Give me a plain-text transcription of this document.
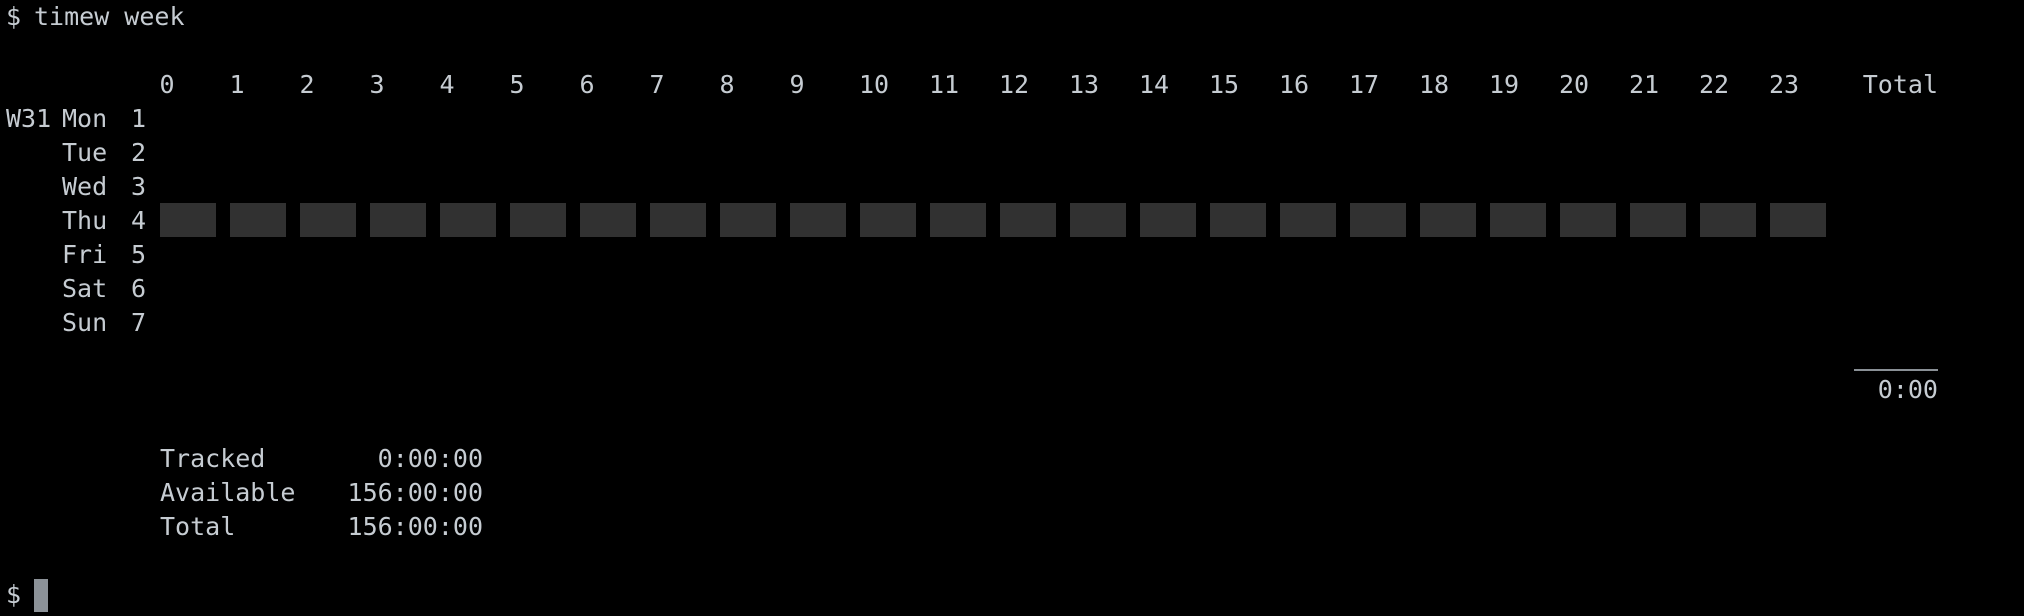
$ timew week
0	1	2	3	4	5	6	7	8	9	10 11 12 13 14 15 16 17 18 19 20 21 22 23	Total
W31 Mon 1
Tue 2
Wed 3
Thu 4
Fri 5
Sat 6
Sun 7
0:00
Tracked	0:00:00
Available	156:00:00
Total	156:00:00
$
